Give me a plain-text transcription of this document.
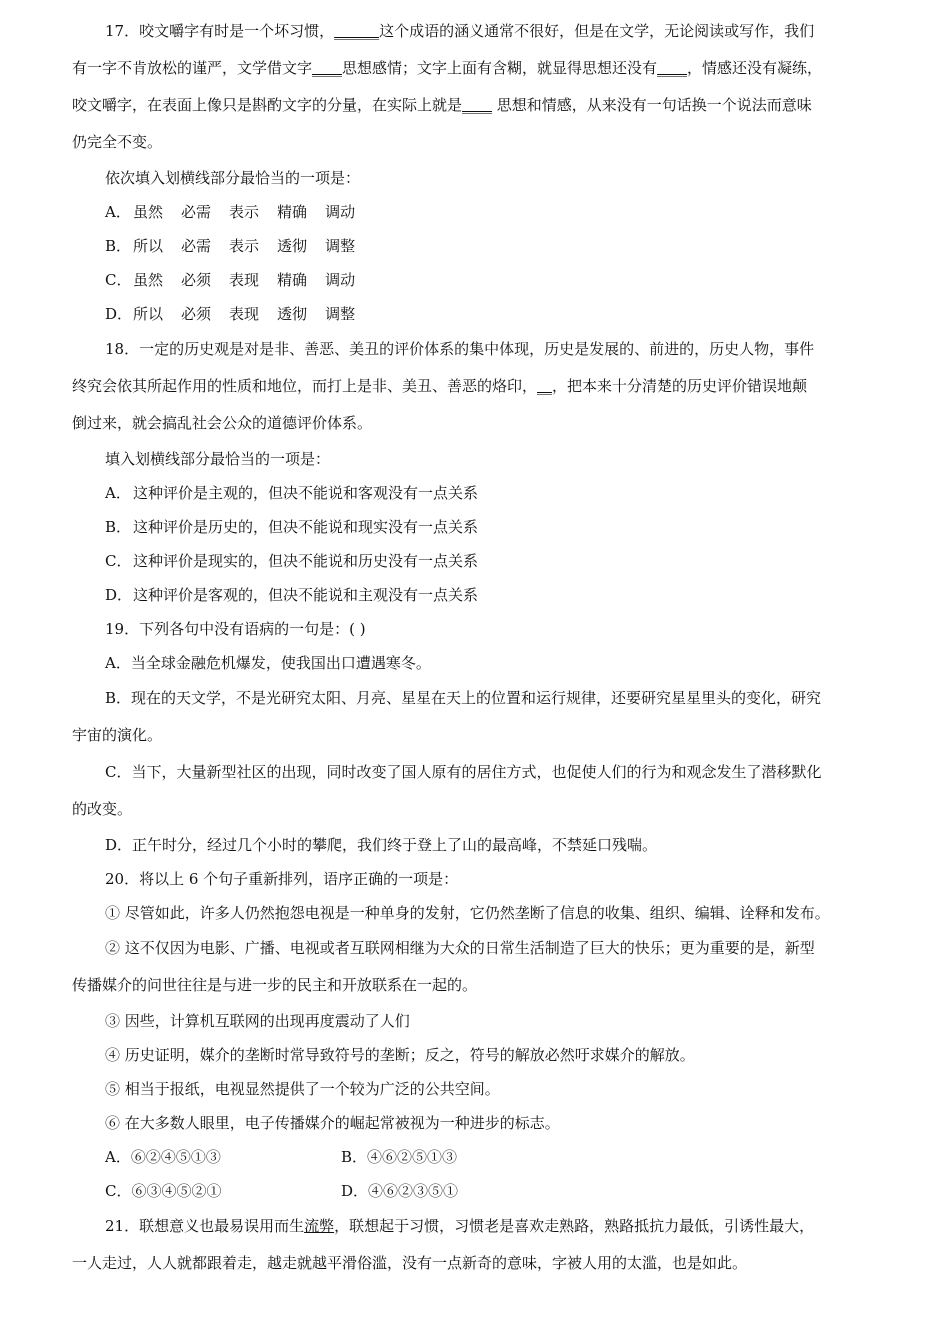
17．咬文嚼字有时是一个坏习惯，______这个成语的涵义通常不很好，但是在文学，无论阅读或写作，我们
有一字不肯放松的谨严，文学借文字____思想感情；文字上面有含糊，就显得思想还没有____，情感还没有凝练，
咬文嚼字，在表面上像只是斟酌文字的分量，在实际上就是____ 思想和情感，从来没有一句话换一个说法而意味
仍完全不变。
依次填入划横线部分最恰当的一项是：
A． 虽然 必需 表示 精确 调动
B． 所以 必需 表示 透彻 调整
C． 虽然 必须 表现 精确 调动
D．所以 必须 表现 透彻 调整
18．一定的历史观是对是非、善恶、美丑的评价体系的集中体现，历史是发展的、前进的，历史人物，事件
终究会依其所起作用的性质和地位，而打上是非、美丑、善恶的烙印，__，把本来十分清楚的历史评价错误地颠
倒过来，就会搞乱社会公众的道德评价体系。
填入划横线部分最恰当的一项是：
A． 这种评价是主观的，但决不能说和客观没有一点关系
B． 这种评价是历史的，但决不能说和现实没有一点关系
C． 这种评价是现实的，但决不能说和历史没有一点关系
D．这种评价是客观的，但决不能说和主观没有一点关系
19．下列各句中没有语病的一句是：( )
A．当全球金融危机爆发，使我国出口遭遇寒冬。
B．现在的天文学，不是光研究太阳、月亮、星星在天上的位置和运行规律，还要研究星星里头的变化，研究
宇宙的演化。
C．当下，大量新型社区的出现，同时改变了国人原有的居住方式，也促使人们的行为和观念发生了潜移默化
的改变。
D．正午时分，经过几个小时的攀爬，我们终于登上了山的最高峰，不禁延口残喘。
20．将以上 6 个句子重新排列，语序正确的一项是：
① 尽管如此，许多人仍然抱怨电视是一种单身的发射，它仍然垄断了信息的收集、组织、编辑、诠释和发布。
② 这不仅因为电影、广播、电视或者互联网相继为大众的日常生活制造了巨大的快乐；更为重要的是，新型
传播媒介的问世往往是与进一步的民主和开放联系在一起的。
③ 因些，计算机互联网的出现再度震动了人们
④ 历史证明，媒介的垄断时常导致符号的垄断；反之，符号的解放必然吁求媒介的解放。
⑤ 相当于报纸，电视显然提供了一个较为广泛的公共空间。
⑥ 在大多数人眼里，电子传播媒介的崛起常被视为一种进步的标志。
A．⑥②④⑤①③	B．④⑥②⑤①③
C．⑥③④⑤②①	D．④⑥②③⑤①
21．联想意义也最易误用而生流弊，联想起于习惯，习惯老是喜欢走熟路，熟路抵抗力最低，引诱性最大，
一人走过，人人就都跟着走，越走就越平滑俗滥，没有一点新奇的意味，字被人用的太滥，也是如此。
